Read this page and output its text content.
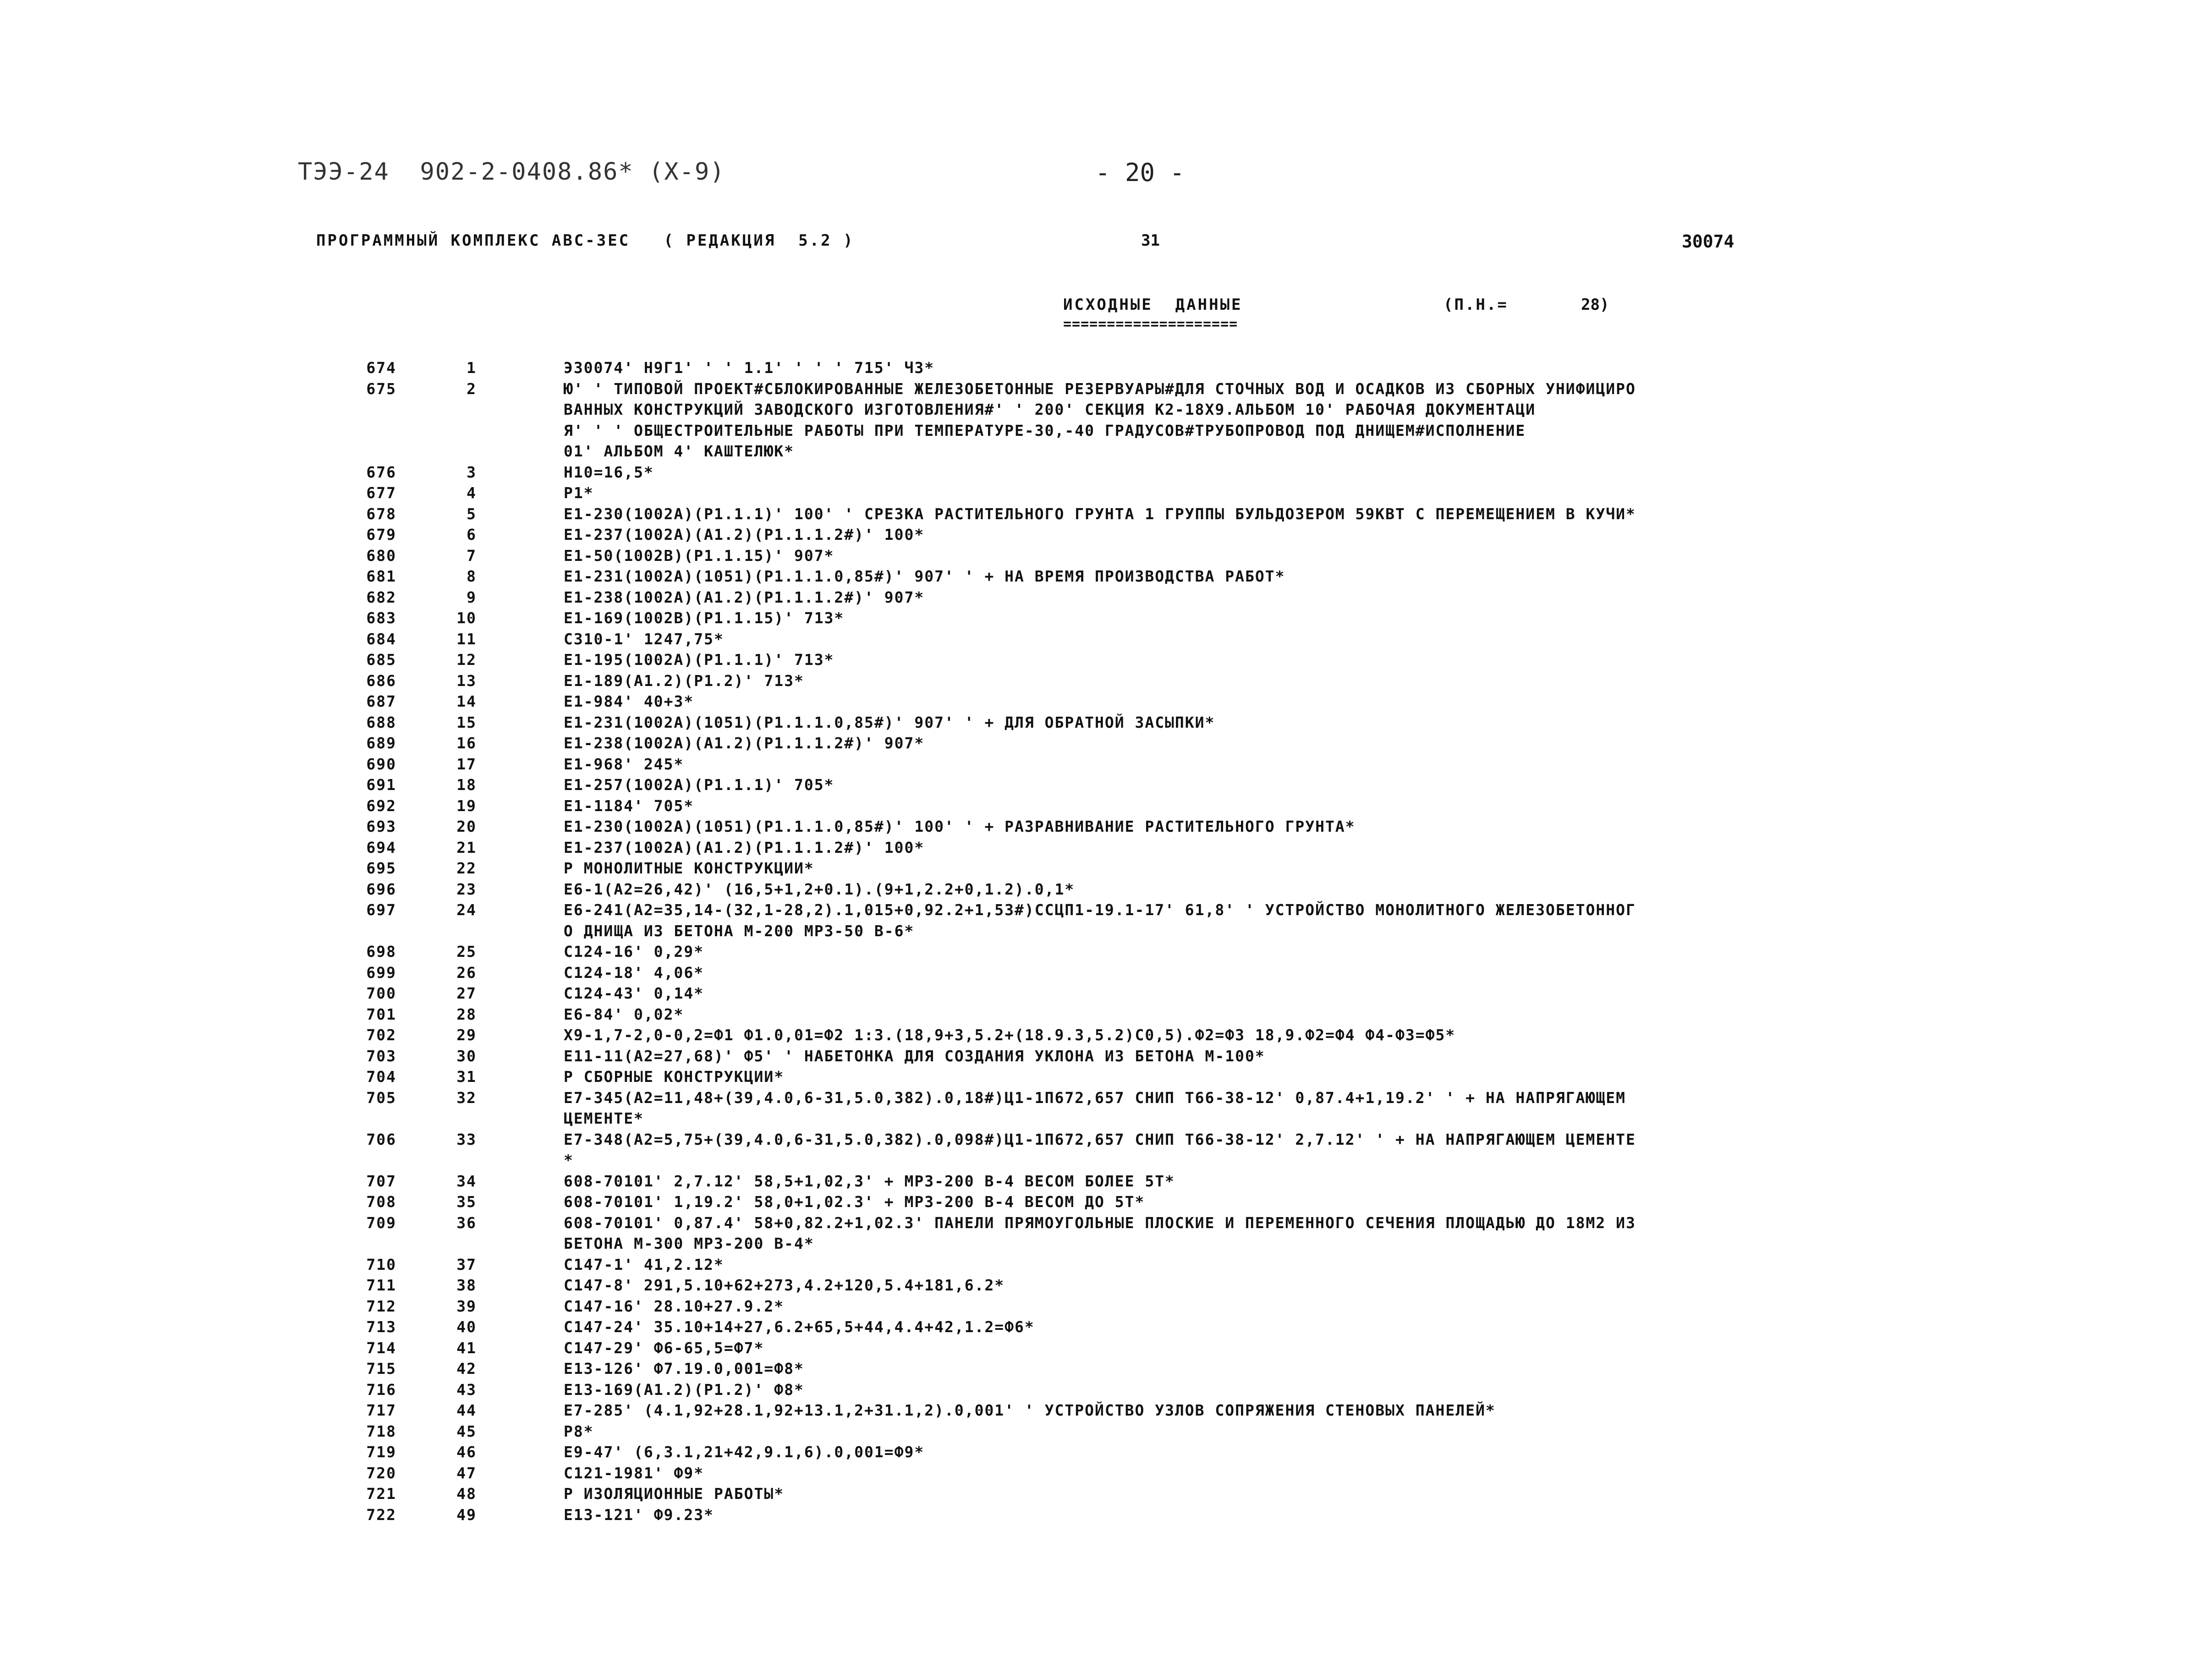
ТЭЭ-24  902-2-0408.86* (X-9)	- 20 -
ПРОГРАММНЫЙ КОМПЛЕКС АВС-ЗЕС   ( РЕДАКЦИЯ  5.2 )	31	30074
ИСХОДНЫЕ  ДАННЫЕ	(П.Н.=	28)
====================
674	1	ЭЗ0074' Н9Г1' ' ' 1.1' ' ' ' 715' ЧЗ*
675	2	Ю' ' ТИПОВОЙ ПРОЕКТ#СБЛОКИРОВАННЫЕ ЖЕЛЕЗОБЕТОННЫЕ РЕЗЕРВУАРЫ#ДЛЯ СТОЧНЫХ ВОД И ОСАДКОВ ИЗ СБОРНЫХ УНИФИЦИРО
ВАННЫХ КОНСТРУКЦИЙ ЗАВОДСКОГО ИЗГОТОВЛЕНИЯ#' ' 200' СЕКЦИЯ К2-18Х9.АЛЬБОМ 10' РАБОЧАЯ ДОКУМЕНТАЦИ
Я' ' ' ОБЩЕСТРОИТЕЛЬНЫЕ РАБОТЫ ПРИ ТЕМПЕРАТУРЕ-30,-40 ГРАДУСОВ#ТРУБОПРОВОД ПОД ДНИЩЕМ#ИСПОЛНЕНИЕ
01' АЛЬБОМ 4' КАШТЕЛЮК*
676	3	Н10=16,5*
677	4	Р1*
678	5	Е1-230(1002А)(Р1.1.1)' 100' ' СРЕЗКА РАСТИТЕЛЬНОГО ГРУНТА 1 ГРУППЫ БУЛЬДОЗЕРОМ 59КВТ С ПЕРЕМЕЩЕНИЕМ В КУЧИ*
679	6	Е1-237(1002А)(А1.2)(Р1.1.1.2#)' 100*
680	7	Е1-50(1002В)(Р1.1.15)' 907*
681	8	Е1-231(1002А)(1051)(Р1.1.1.0,85#)' 907' ' + НА ВРЕМЯ ПРОИЗВОДСТВА РАБОТ*
682	9	Е1-238(1002А)(А1.2)(Р1.1.1.2#)' 907*
683	10	Е1-169(1002В)(Р1.1.15)' 713*
684	11	С310-1' 1247,75*
685	12	Е1-195(1002А)(Р1.1.1)' 713*
686	13	Е1-189(А1.2)(Р1.2)' 713*
687	14	Е1-984' 40+3*
688	15	Е1-231(1002А)(1051)(Р1.1.1.0,85#)' 907' ' + ДЛЯ ОБРАТНОЙ ЗАСЫПКИ*
689	16	Е1-238(1002А)(А1.2)(Р1.1.1.2#)' 907*
690	17	Е1-968' 245*
691	18	Е1-257(1002А)(Р1.1.1)' 705*
692	19	Е1-1184' 705*
693	20	Е1-230(1002А)(1051)(Р1.1.1.0,85#)' 100' ' + РАЗРАВНИВАНИЕ РАСТИТЕЛЬНОГО ГРУНТА*
694	21	Е1-237(1002А)(А1.2)(Р1.1.1.2#)' 100*
695	22	Р МОНОЛИТНЫЕ КОНСТРУКЦИИ*
696	23	Е6-1(А2=26,42)' (16,5+1,2+0.1).(9+1,2.2+0,1.2).0,1*
697	24	Е6-241(А2=35,14-(32,1-28,2).1,015+0,92.2+1,53#)ССЦП1-19.1-17' 61,8' ' УСТРОЙСТВО МОНОЛИТНОГО ЖЕЛЕЗОБЕТОННОГ
О ДНИЩА ИЗ БЕТОНА М-200 МРЗ-50 В-6*
698	25	С124-16' 0,29*
699	26	С124-18' 4,06*
700	27	С124-43' 0,14*
701	28	Е6-84' 0,02*
702	29	Х9-1,7-2,0-0,2=Ф1 Ф1.0,01=Ф2 1:3.(18,9+3,5.2+(18.9.3,5.2)С0,5).Ф2=Ф3 18,9.Ф2=Ф4 Ф4-Ф3=Ф5*
703	30	Е11-11(А2=27,68)' Ф5' ' НАБЕТОНКА ДЛЯ СОЗДАНИЯ УКЛОНА ИЗ БЕТОНА М-100*
704	31	Р СБОРНЫЕ КОНСТРУКЦИИ*
705	32	Е7-345(А2=11,48+(39,4.0,6-31,5.0,382).0,18#)Ц1-1П672,657 СНИП Т66-38-12' 0,87.4+1,19.2' ' + НА НАПРЯГАЮЩЕМ
ЦЕМЕНТЕ*
706	33	Е7-348(А2=5,75+(39,4.0,6-31,5.0,382).0,098#)Ц1-1П672,657 СНИП Т66-38-12' 2,7.12' ' + НА НАПРЯГАЮЩЕМ ЦЕМЕНТЕ
*
707	34	608-70101' 2,7.12' 58,5+1,02,3' + МРЗ-200 В-4 ВЕСОМ БОЛЕЕ 5Т*
708	35	608-70101' 1,19.2' 58,0+1,02.3' + МРЗ-200 В-4 ВЕСОМ ДО 5Т*
709	36	608-70101' 0,87.4' 58+0,82.2+1,02.3' ПАНЕЛИ ПРЯМОУГОЛЬНЫЕ ПЛОСКИЕ И ПЕРЕМЕННОГО СЕЧЕНИЯ ПЛОЩАДЬЮ ДО 18М2 ИЗ
БЕТОНА М-300 МРЗ-200 В-4*
710	37	С147-1' 41,2.12*
711	38	С147-8' 291,5.10+62+273,4.2+120,5.4+181,6.2*
712	39	С147-16' 28.10+27.9.2*
713	40	С147-24' 35.10+14+27,6.2+65,5+44,4.4+42,1.2=Ф6*
714	41	С147-29' Ф6-65,5=Ф7*
715	42	Е13-126' Ф7.19.0,001=Ф8*
716	43	Е13-169(А1.2)(Р1.2)' Ф8*
717	44	Е7-285' (4.1,92+28.1,92+13.1,2+31.1,2).0,001' ' УСТРОЙСТВО УЗЛОВ СОПРЯЖЕНИЯ СТЕНОВЫХ ПАНЕЛЕЙ*
718	45	Р8*
719	46	Е9-47' (6,3.1,21+42,9.1,6).0,001=Ф9*
720	47	С121-1981' Ф9*
721	48	Р ИЗОЛЯЦИОННЫЕ РАБОТЫ*
722	49	Е13-121' Ф9.23*
